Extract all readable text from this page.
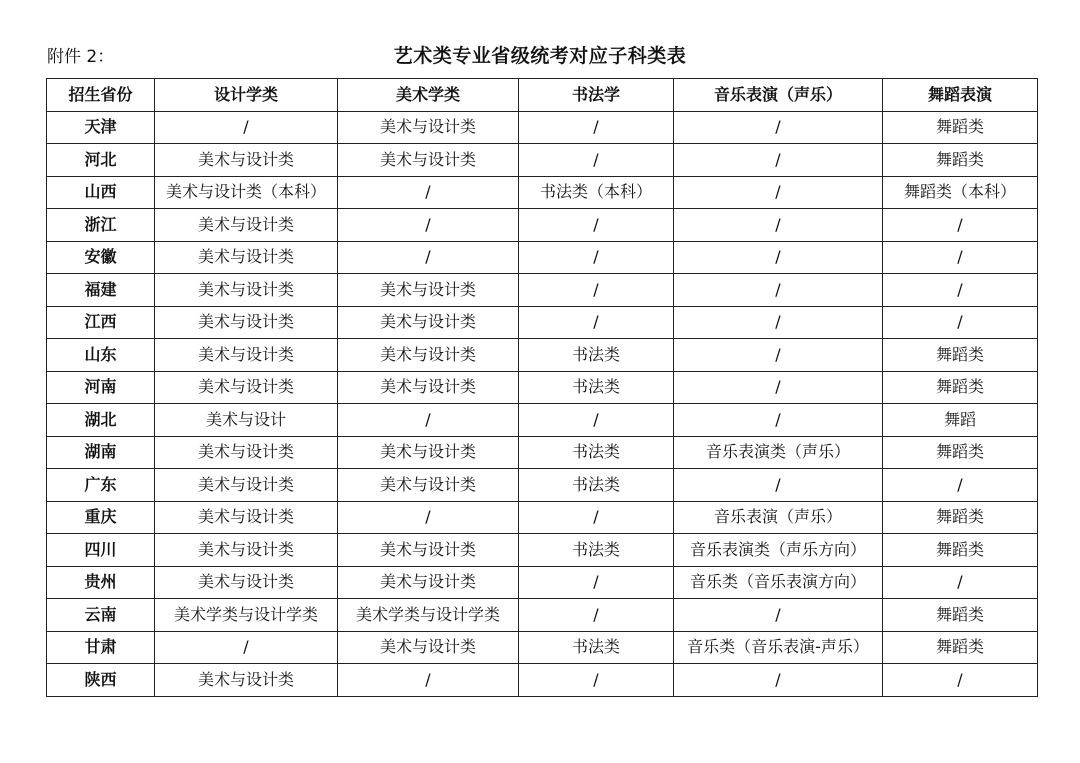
附件 2：	艺术类专业省级统考对应子科类表
招生省份	设计学类	美术学类	书法学	音乐表演（声乐）	舞蹈表演
天津	/	美术与设计类	/	/	舞蹈类
河北	美术与设计类	美术与设计类	/	/	舞蹈类
山西	美术与设计类（本科）	/	书法类（本科）	/	舞蹈类（本科）
浙江	美术与设计类	/	/	/	/
安徽	美术与设计类	/	/	/	/
福建	美术与设计类	美术与设计类	/	/	/
江西	美术与设计类	美术与设计类	/	/	/
山东	美术与设计类	美术与设计类	书法类	/	舞蹈类
河南	美术与设计类	美术与设计类	书法类	/	舞蹈类
湖北	美术与设计	/	/	/	舞蹈
湖南	美术与设计类	美术与设计类	书法类	音乐表演类（声乐）	舞蹈类
广东	美术与设计类	美术与设计类	书法类	/	/
重庆	美术与设计类	/	/	音乐表演（声乐）	舞蹈类
四川	美术与设计类	美术与设计类	书法类	音乐表演类（声乐方向）	舞蹈类
贵州	美术与设计类	美术与设计类	/	音乐类（音乐表演方向）	/
云南	美术学类与设计学类	美术学类与设计学类	/	/	舞蹈类
甘肃	/	美术与设计类	书法类	音乐类（音乐表演-声乐）	舞蹈类
陕西	美术与设计类	/	/	/	/
